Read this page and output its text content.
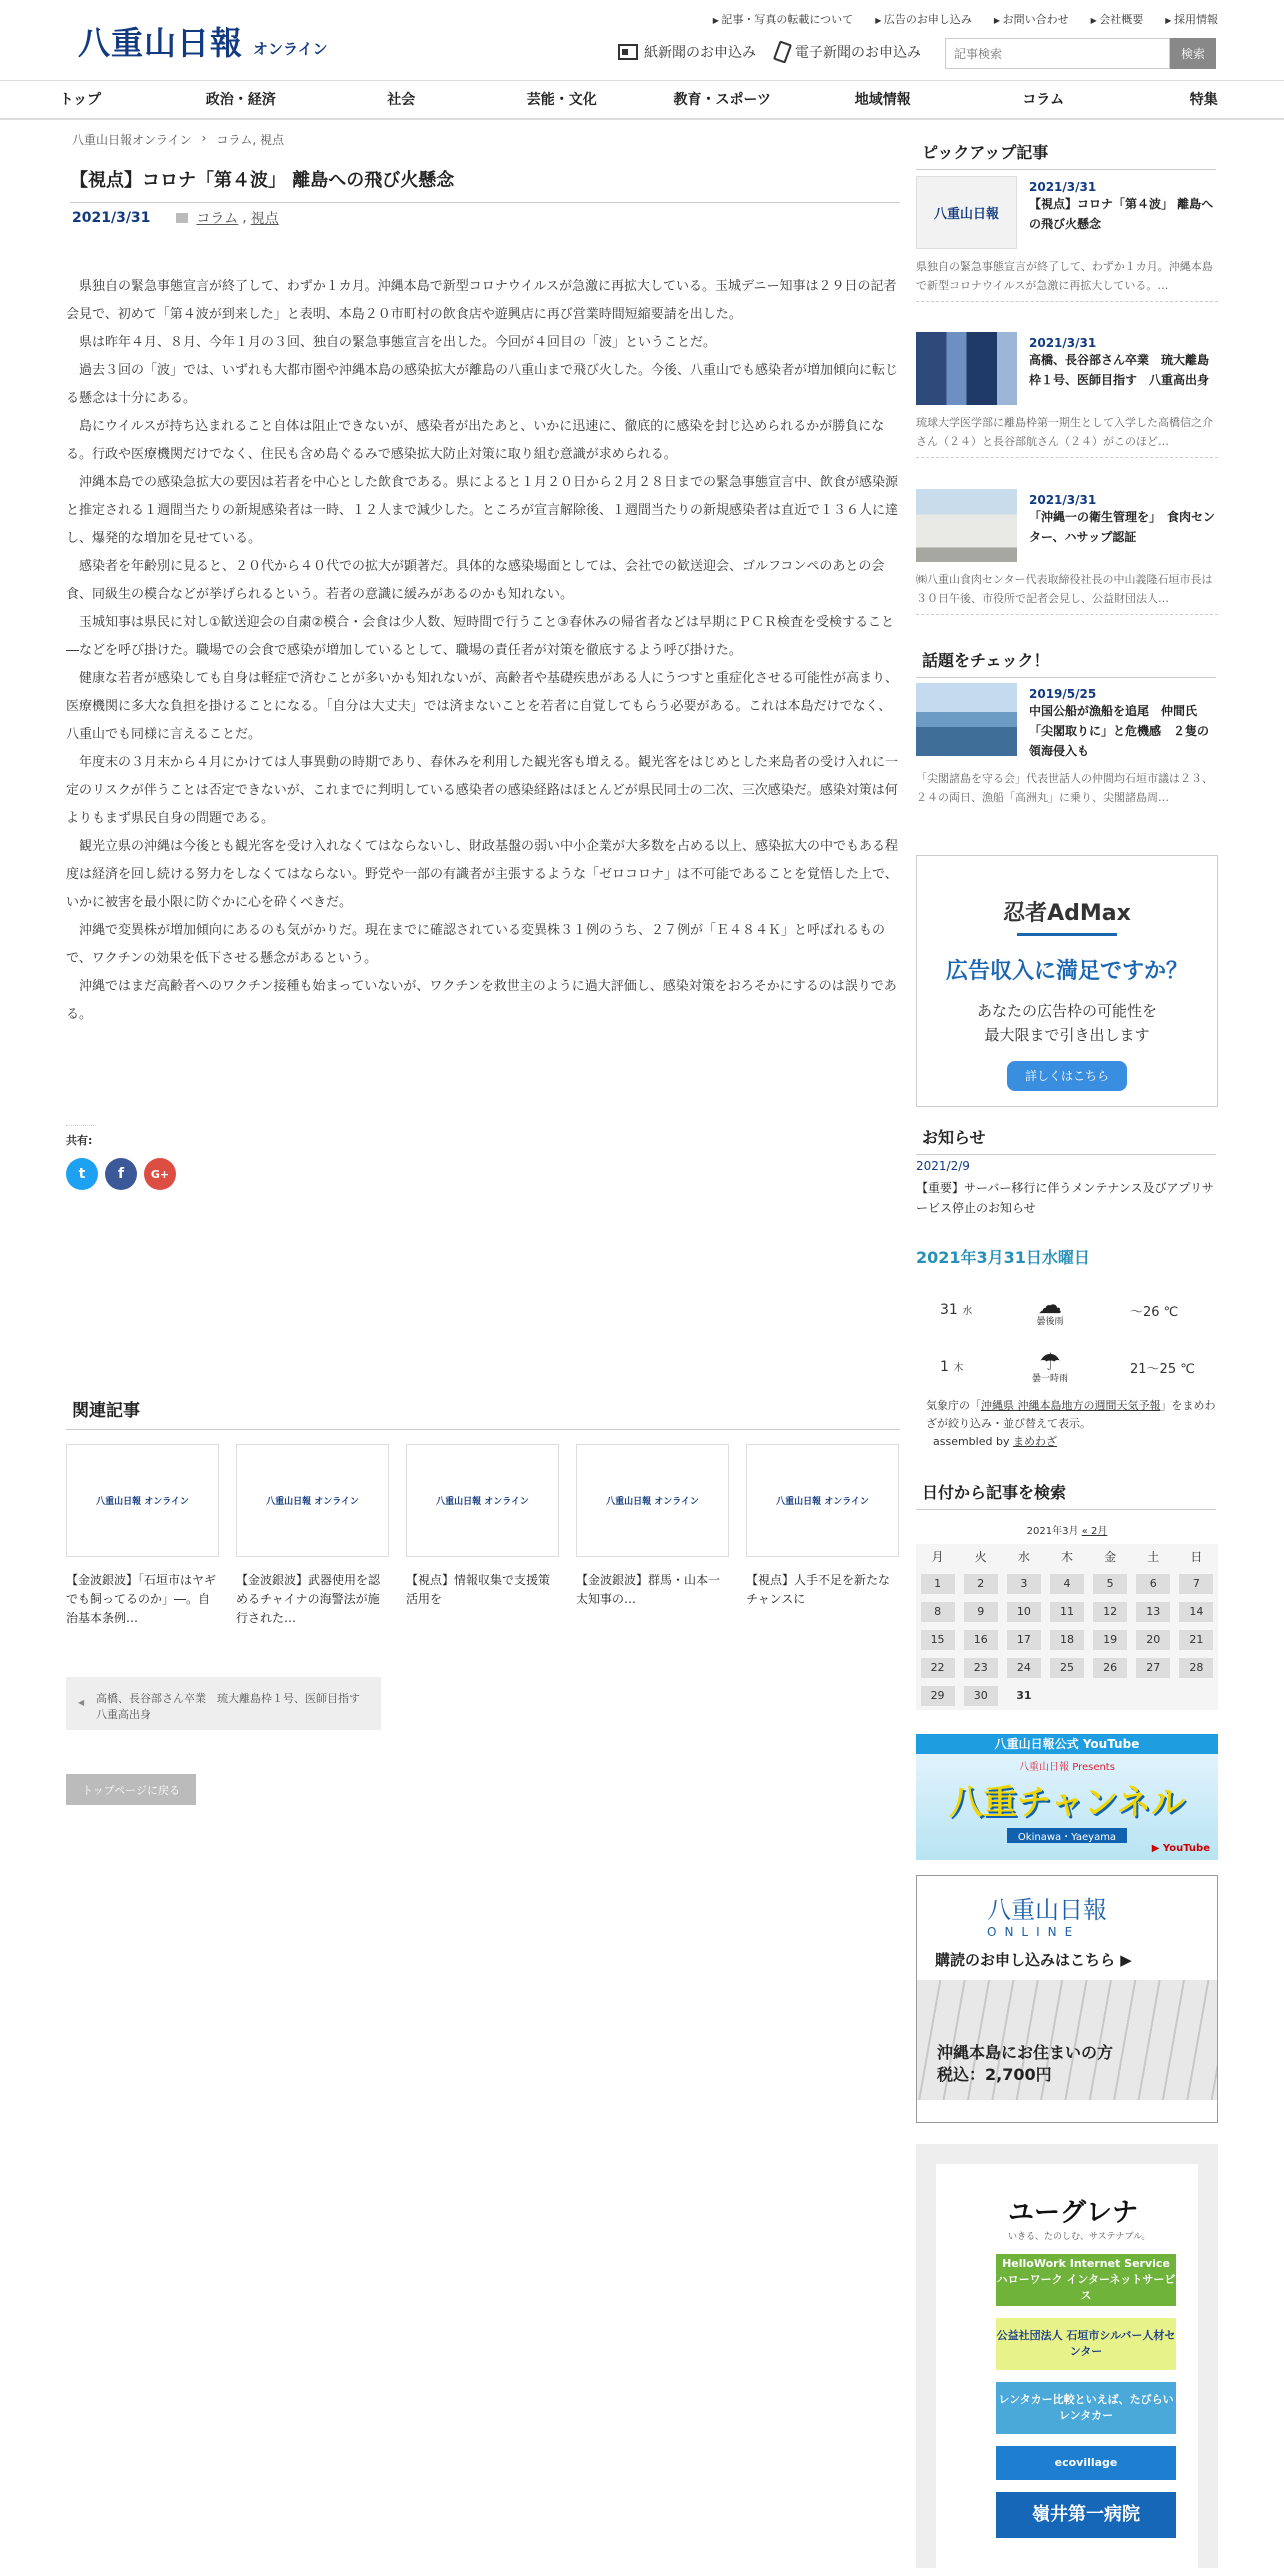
八重山日報 オンライン
▶ 記事・写真の転載について	▶ 広告のお申し込み	▶ お問い合わせ	▶ 会社概要	▶ 採用情報
紙新聞のお申込み	電子新聞のお申込み
記事検索	検索
トップ	政治・経済	社会	芸能・文化	教育・スポーツ	地域情報	コラム	特集
八重山日報オンライン › コラム, 視点
【視点】コロナ「第４波」 離島への飛び火懸念
2021/3/31	コラム , 視点

県独自の緊急事態宣言が終了して、わずか１カ月。沖縄本島で新型コロナウイルスが急激に再拡大している。玉城デニー知事は２９日の記者会見で、初めて「第４波が到来した」と表明、本島２０市町村の飲食店や遊興店に再び営業時間短縮要請を出した。

県は昨年４月、８月、今年１月の３回、独自の緊急事態宣言を出した。今回が４回目の「波」ということだ。

過去３回の「波」では、いずれも大都市圏や沖縄本島の感染拡大が離島の八重山まで飛び火した。今後、八重山でも感染者が増加傾向に転じる懸念は十分にある。

島にウイルスが持ち込まれること自体は阻止できないが、感染者が出たあと、いかに迅速に、徹底的に感染を封じ込められるかが勝負になる。行政や医療機関だけでなく、住民も含め島ぐるみで感染拡大防止対策に取り組む意識が求められる。

沖縄本島での感染急拡大の要因は若者を中心とした飲食である。県によると１月２０日から２月２８日までの緊急事態宣言中、飲食が感染源と推定される１週間当たりの新規感染者は一時、１２人まで減少した。ところが宣言解除後、１週間当たりの新規感染者は直近で１３６人に達し、爆発的な増加を見せている。

感染者を年齢別に見ると、２０代から４０代での拡大が顕著だ。具体的な感染場面としては、会社での歓送迎会、ゴルフコンペのあとの会食、同級生の模合などが挙げられるという。若者の意識に緩みがあるのかも知れない。

玉城知事は県民に対し①歓送迎会の自粛②模合・会食は少人数、短時間で行うこと③春休みの帰省者などは早期にＰＣＲ検査を受検すること―などを呼び掛けた。職場での会食で感染が増加しているとして、職場の責任者が対策を徹底するよう呼び掛けた。

健康な若者が感染しても自身は軽症で済むことが多いかも知れないが、高齢者や基礎疾患がある人にうつすと重症化させる可能性が高まり、医療機関に多大な負担を掛けることになる。「自分は大丈夫」では済まないことを若者に自覚してもらう必要がある。これは本島だけでなく、八重山でも同様に言えることだ。

年度末の３月末から４月にかけては人事異動の時期であり、春休みを利用した観光客も増える。観光客をはじめとした来島者の受け入れに一定のリスクが伴うことは否定できないが、これまでに判明している感染者の感染経路はほとんどが県民同士の二次、三次感染だ。感染対策は何よりもまず県民自身の問題である。

観光立県の沖縄は今後とも観光客を受け入れなくてはならないし、財政基盤の弱い中小企業が大多数を占める以上、感染拡大の中でもある程度は経済を回し続ける努力をしなくてはならない。野党や一部の有識者が主張するような「ゼロコロナ」は不可能であることを覚悟した上で、いかに被害を最小限に防ぐかに心を砕くべきだ。

沖縄で変異株が増加傾向にあるのも気がかりだ。現在までに確認されている変異株３１例のうち、２７例が「Ｅ４８４Ｋ」と呼ばれるもので、ワクチンの効果を低下させる懸念があるという。

沖縄ではまだ高齢者へのワクチン接種も始まっていないが、ワクチンを救世主のように過大評価し、感染対策をおろそかにするのは誤りである。

共有:
t	f	G+
関連記事
八重山日報 オンライン
【金波銀波】「石垣市はヤギでも飼ってるのか」―。自治基本条例…
八重山日報 オンライン
【金波銀波】武器使用を認めるチャイナの海警法が施行された…
八重山日報 オンライン
【視点】情報収集で支援策活用を
八重山日報 オンライン
【金波銀波】群馬・山本一太知事の…
八重山日報 オンライン
【視点】人手不足を新たなチャンスに
◀ 高橋、長谷部さん卒業　琉大離島枠１号、医師目指す　八重高出身
トップページに戻る
ピックアップ記事
八重山日報
2021/3/31
【視点】コロナ「第４波」 離島への飛び火懸念
県独自の緊急事態宣言が終了して、わずか１カ月。沖縄本島で新型コロナウイルスが急激に再拡大している。…
2021/3/31
高橋、長谷部さん卒業　琉大離島枠１号、医師目指す　八重高出身
琉球大学医学部に離島枠第一期生として入学した高橋信之介さん（２４）と長谷部航さん（２４）がこのほど…
2021/3/31
「沖縄一の衛生管理を」　食肉センター、ハサップ認証
㈱八重山食肉センター代表取締役社長の中山義隆石垣市長は３０日午後、市役所で記者会見し、公益財団法人…
話題をチェック！
2019/5/25
中国公船が漁船を追尾　仲間氏「尖閣取りに」と危機感　２隻の領海侵入も
「尖閣諸島を守る会」代表世話人の仲間均石垣市議は２３、２４の両日、漁船「高洲丸」に乗り、尖閣諸島周…
忍者AdMax
広告収入に満足ですか？
あなたの広告枠の可能性を
最大限まで引き出します
詳しくはこちら
お知らせ
2021/2/9
【重要】サーバー移行に伴うメンテナンス及びアプリサービス停止のお知らせ
2021年3月31日水曜日
31 水	☁
曇後雨
～26 ℃
1 木	☂
曇一時雨
21～25 ℃
気象庁の「沖縄県 沖縄本島地方の週間天気予報」をまめわざが絞り込み・並び替えて表示。
assembled by まめわざ
日付から記事を検索
2021年3月 « 2月
月	火	水	木	金	土	日
1	2	3	4	5	6	7
8	9	10	11	12	13	14
15	16	17	18	19	20	21
22	23	24	25	26	27	28
29	30	31
八重山日報公式 YouTube
八重山日報 Presents
八重チャンネル
Okinawa・Yaeyama
▶ YouTube
八重山日報
ONLINE
購読のお申し込みはこちら ▶
沖縄本島にお住まいの方
税込：2,700円
ユーグレナ
いきる、たのしむ、サステナブル。
HelloWork Internet Service ハローワーク インターネットサービス
公益社団法人 石垣市シルバー人材センター
レンタカー比較といえば、たびらいレンタカー
ecovillage
嶺井第一病院
